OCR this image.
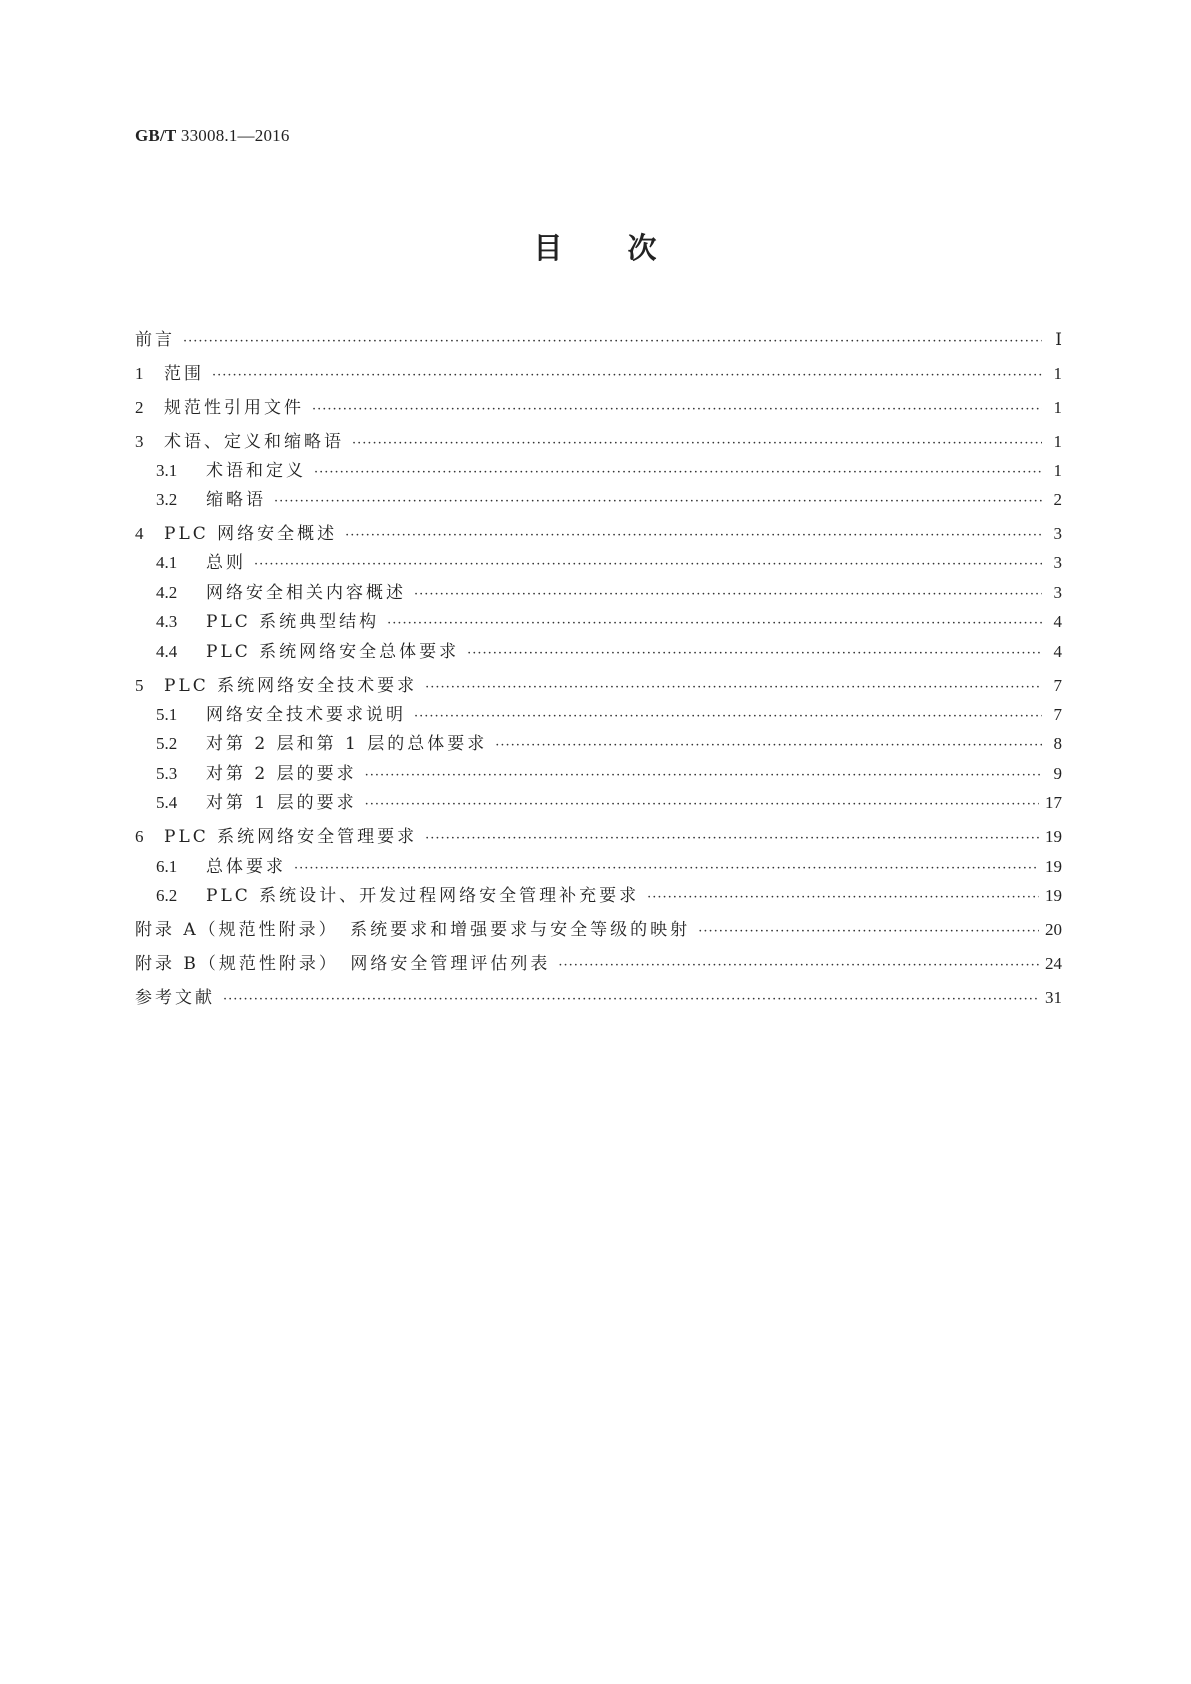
GB/T 33008.1—2016
目 次
前言 ·····	Ⅰ
1	范围 ·····	1
2	规范性引用文件 ·····	1
3	术语、定义和缩略语 ·····	1
3.1	术语和定义 ·····	1
3.2	缩略语 ·····	2
4	PLC 网络安全概述 ·····	3
4.1	总则 ·····	3
4.2	网络安全相关内容概述 ·····	3
4.3	PLC 系统典型结构 ·····	4
4.4	PLC 系统网络安全总体要求 ·····	4
5	PLC 系统网络安全技术要求 ·····	7
5.1	网络安全技术要求说明 ·····	7
5.2	对第 2 层和第 1 层的总体要求 ·····	8
5.3	对第 2 层的要求 ·····	9
5.4	对第 1 层的要求 ·····	17
6	PLC 系统网络安全管理要求 ·····	19
6.1	总体要求 ·····	19
6.2	PLC 系统设计、开发过程网络安全管理补充要求 ·····	19
附录 A（规范性附录）　系统要求和增强要求与安全等级的映射 ·····	20
附录 B（规范性附录）　网络安全管理评估列表 ·····	24
参考文献 ·····	31
